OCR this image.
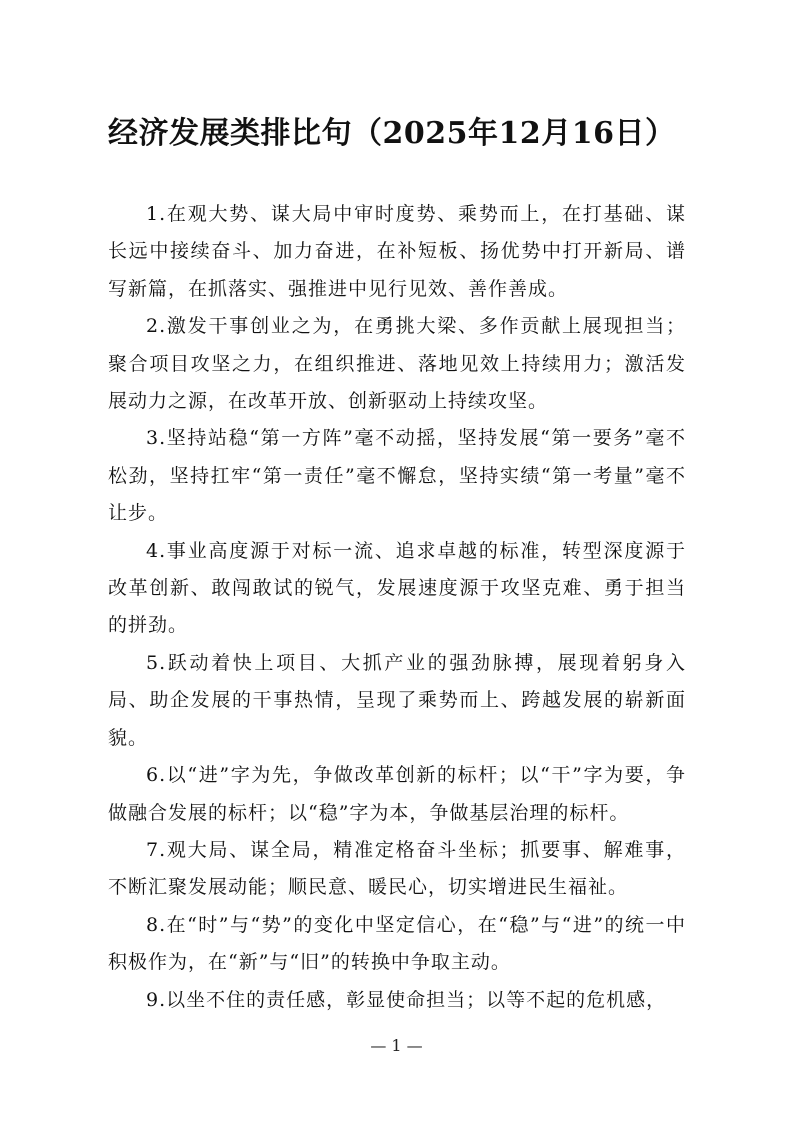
经济发展类排比句（2025年12月16日）

1.在观大势、谋大局中审时度势、乘势而上，在打基础、谋长远中接续奋斗、加力奋进，在补短板、扬优势中打开新局、谱写新篇，在抓落实、强推进中见行见效、善作善成。

2.激发干事创业之为，在勇挑大梁、多作贡献上展现担当；聚合项目攻坚之力，在组织推进、落地见效上持续用力；激活发展动力之源，在改革开放、创新驱动上持续攻坚。

3.坚持站稳“第一方阵”毫不动摇，坚持发展“第一要务”毫不松劲，坚持扛牢“第一责任”毫不懈怠，坚持实绩“第一考量”毫不让步。

4.事业高度源于对标一流、追求卓越的标准，转型深度源于改革创新、敢闯敢试的锐气，发展速度源于攻坚克难、勇于担当的拼劲。

5.跃动着快上项目、大抓产业的强劲脉搏，展现着躬身入局、助企发展的干事热情，呈现了乘势而上、跨越发展的崭新面貌。

6.以“进”字为先，争做改革创新的标杆；以“干”字为要，争做融合发展的标杆；以“稳”字为本，争做基层治理的标杆。

7.观大局、谋全局，精准定格奋斗坐标；抓要事、解难事，不断汇聚发展动能；顺民意、暖民心，切实增进民生福祉。

8.在“时”与“势”的变化中坚定信心，在“稳”与“进”的统一中积极作为，在“新”与“旧”的转换中争取主动。

9.以坐不住的责任感，彰显使命担当；以等不起的危机感，

— 1 —
